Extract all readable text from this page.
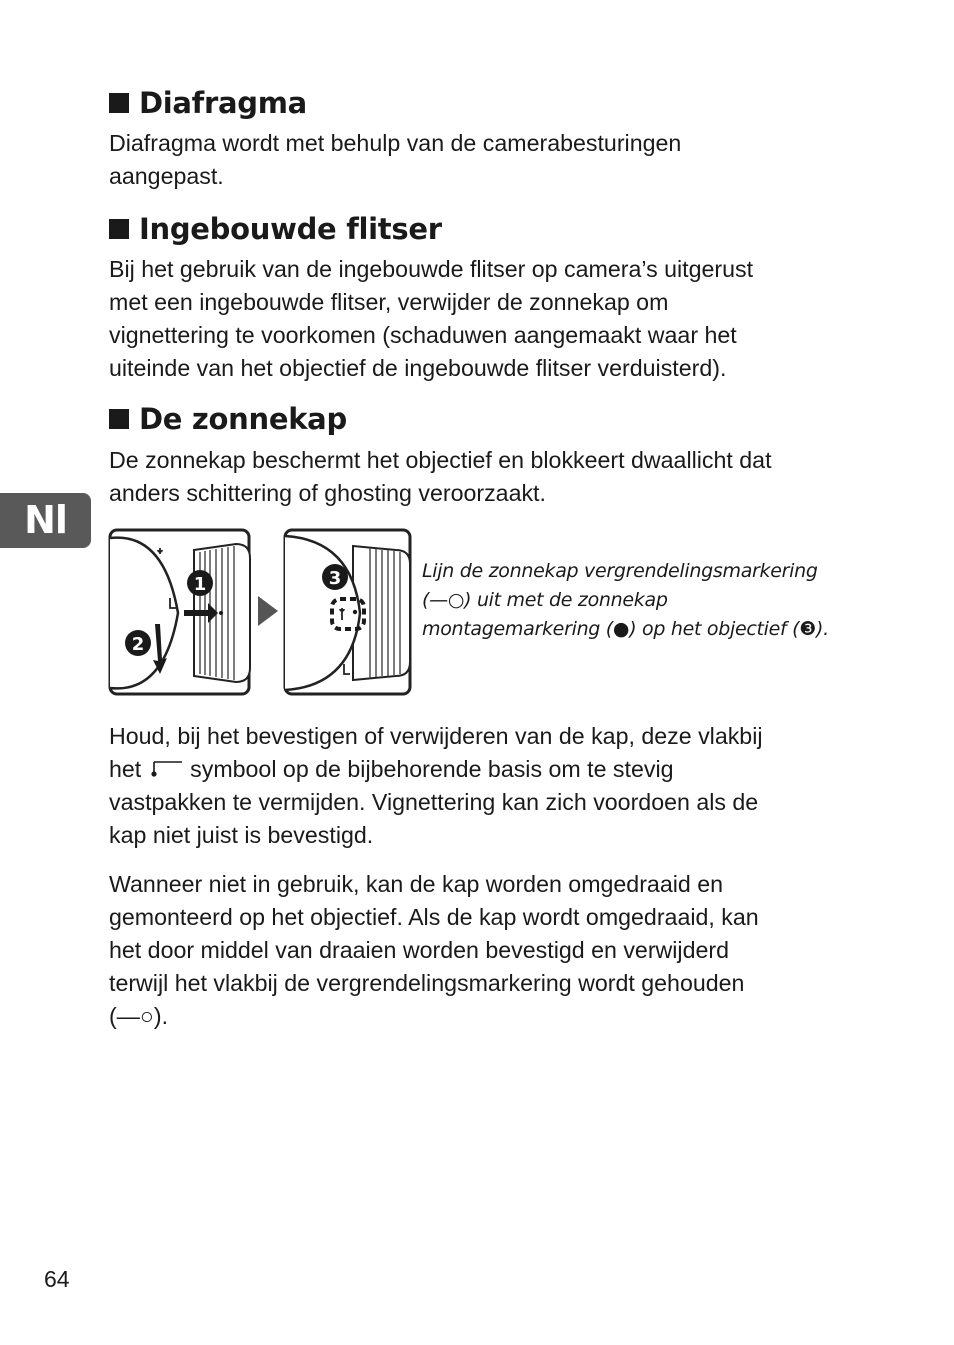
Diafragma

Diafragma wordt met behulp van de camerabesturingen
aangepast.

Ingebouwde flitser

Bij het gebruik van de ingebouwde flitser op camera’s uitgerust
met een ingebouwde flitser, verwijder de zonnekap om
vignettering te voorkomen (schaduwen aangemaakt waar het
uiteinde van het objectief de ingebouwde flitser verduisterd).

De zonnekap

De zonnekap beschermt het objectief en blokkeert dwaallicht dat
anders schittering of ghosting veroorzaakt.

Nl
1
2
3	Lijn de zonnekap vergrendelingsmarkering
(—○) uit met de zonnekap
montagemarkering (●) op het objectief (❸).

Houd, bij het bevestigen of verwijderen van de kap, deze vlakbij
het symbool op de bijbehorende basis om te stevig
vastpakken te vermijden. Vignettering kan zich voordoen als de
kap niet juist is bevestigd.

Wanneer niet in gebruik, kan de kap worden omgedraaid en
gemonteerd op het objectief. Als de kap wordt omgedraaid, kan
het door middel van draaien worden bevestigd en verwijderd
terwijl het vlakbij de vergrendelingsmarkering wordt gehouden
(—○).

64
